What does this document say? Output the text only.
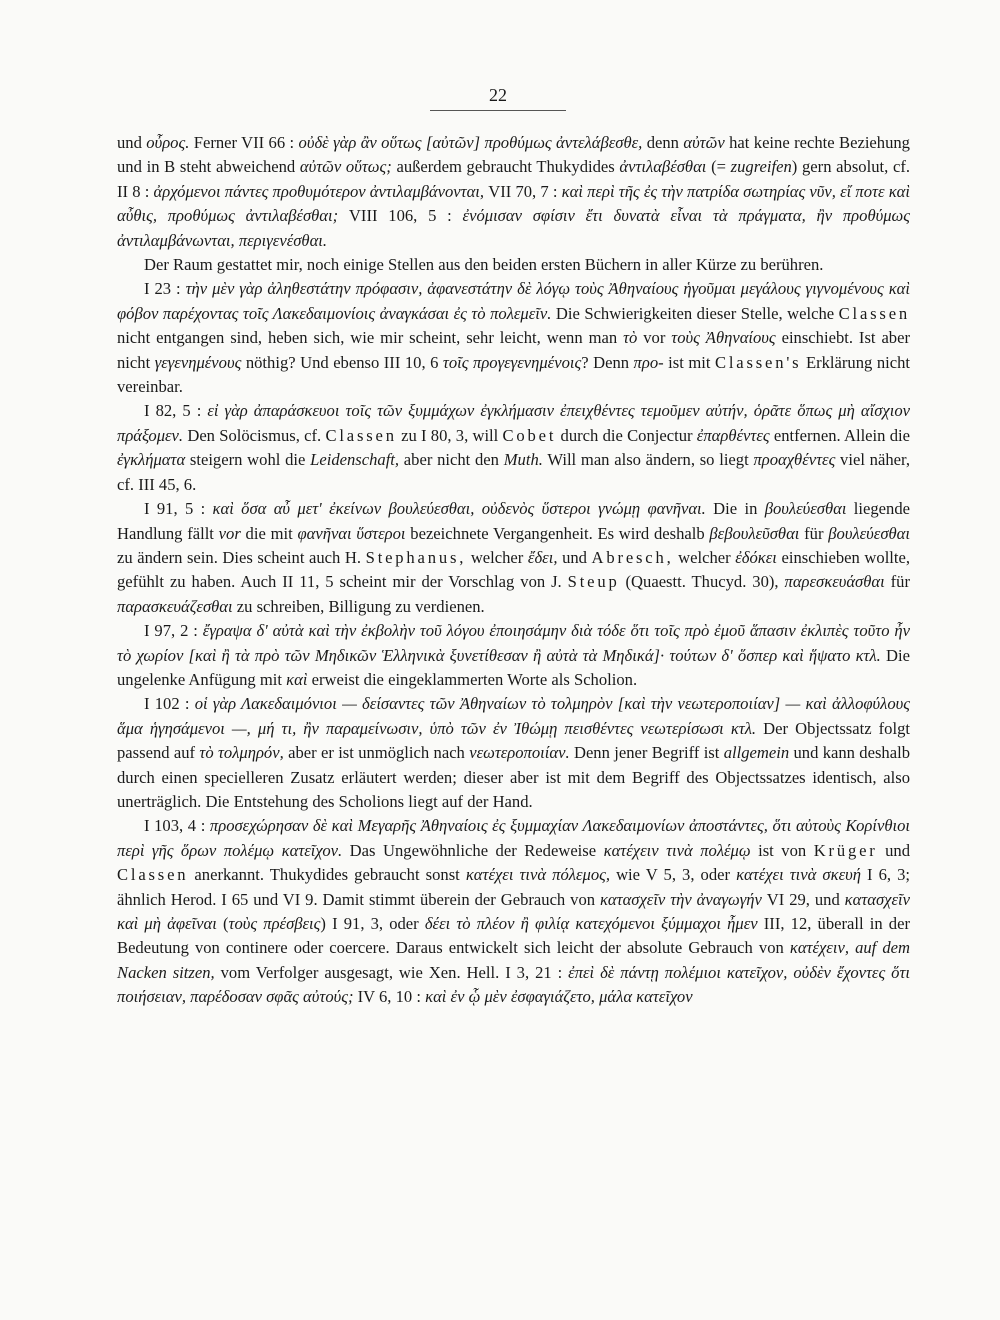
22

und οὖρος. Ferner VII 66 : οὐδὲ γὰρ ἂν οὕτως [αὐτῶν] προθύμως ἀντελάβεσθε, denn αὐτῶν hat keine rechte Beziehung und in B steht abweichend αὐτῶν οὕτως; außerdem gebraucht Thukydides ἀντιλαβέσθαι (= zugreifen) gern absolut, cf. II 8 : ἀρχόμενοι πάντες προθυμότερον ἀντιλαμβάνονται, VII 70, 7 : καὶ περὶ τῆς ἐς τὴν πατρίδα σωτηρίας νῦν, εἴ ποτε καὶ αὖθις, προθύμως ἀντιλαβέσθαι; VIII 106, 5 : ἐνόμισαν σφίσιν ἔτι δυνατὰ εἶναι τὰ πράγματα, ἢν προθύμως ἀντιλαμβάνωνται, περιγενέσθαι.

Der Raum gestattet mir, noch einige Stellen aus den beiden ersten Büchern in aller Kürze zu berühren.

I 23 : τὴν μὲν γὰρ ἀληθεστάτην πρόφασιν, ἀφανεστάτην δὲ λόγῳ τοὺς Ἀθηναίους ἡγοῦμαι μεγάλους γιγνομένους καὶ φόβον παρέχοντας τοῖς Λακεδαιμονίοις ἀναγκάσαι ἐς τὸ πολεμεῖν. Die Schwierigkeiten dieser Stelle, welche Classen nicht entgangen sind, heben sich, wie mir scheint, sehr leicht, wenn man τὸ vor τοὺς Ἀθηναίους einschiebt. Ist aber nicht γεγενημένους nöthig? Und ebenso III 10, 6 τοῖς προγεγενημένοις? Denn προ- ist mit Classen's Erklärung nicht vereinbar.

I 82, 5 : εἰ γὰρ ἀπαράσκευοι τοῖς τῶν ξυμμάχων ἐγκλήμασιν ἐπειχθέντες τεμοῦμεν αὐτήν, ὁρᾶτε ὅπως μὴ αἴσχιον πράξομεν. Den Solöcismus, cf. Classen zu I 80, 3, will Cobet durch die Conjectur ἐπαρθέντες entfernen. Allein die ἐγκλήματα steigern wohl die Leidenschaft, aber nicht den Muth. Will man also ändern, so liegt προαχθέντες viel näher, cf. III 45, 6.

I 91, 5 : καὶ ὅσα αὖ μετ' ἐκείνων βουλεύεσθαι, οὐδενὸς ὕστεροι γνώμῃ φανῆναι. Die in βουλεύεσθαι liegende Handlung fällt vor die mit φανῆναι ὕστεροι bezeichnete Vergangenheit. Es wird deshalb βεβουλεῦσθαι für βουλεύεσθαι zu ändern sein. Dies scheint auch H. Stephanus, welcher ἔδει, und Abresch, welcher ἐδόκει einschieben wollte, gefühlt zu haben. Auch II 11, 5 scheint mir der Vorschlag von J. Steup (Quaestt. Thucyd. 30), παρεσκευάσθαι für παρασκευάζεσθαι zu schreiben, Billigung zu verdienen.

I 97, 2 : ἔγραψα δ' αὐτὰ καὶ τὴν ἐκβολὴν τοῦ λόγου ἐποιησάμην διὰ τόδε ὅτι τοῖς πρὸ ἐμοῦ ἅπασιν ἐκλιπὲς τοῦτο ἦν τὸ χωρίον [καὶ ἢ τὰ πρὸ τῶν Μηδικῶν Ἑλληνικὰ ξυνετίθεσαν ἢ αὐτὰ τὰ Μηδικά]· τούτων δ' ὅσπερ καὶ ἥψατο κτλ. Die ungelenke Anfügung mit καὶ erweist die eingeklammerten Worte als Scholion.

I 102 : οἱ γὰρ Λακεδαιμόνιοι — δείσαντες τῶν Ἀθηναίων τὸ τολμηρὸν [καὶ τὴν νεωτεροποιίαν] — καὶ ἀλλοφύλους ἅμα ἡγησάμενοι —, μή τι, ἢν παραμείνωσιν, ὑπὸ τῶν ἐν Ἰθώμῃ πεισθέντες νεωτερίσωσι κτλ. Der Objectssatz folgt passend auf τὸ τολμηρόν, aber er ist unmöglich nach νεωτεροποιίαν. Denn jener Begriff ist allgemein und kann deshalb durch einen specielleren Zusatz erläutert werden; dieser aber ist mit dem Begriff des Objectssatzes identisch, also unerträglich. Die Entstehung des Scholions liegt auf der Hand.

I 103, 4 : προσεχώρησαν δὲ καὶ Μεγαρῆς Ἀθηναίοις ἐς ξυμμαχίαν Λακεδαιμονίων ἀποστάντες, ὅτι αὐτοὺς Κορίνθιοι περὶ γῆς ὅρων πολέμῳ κατεῖχον. Das Ungewöhnliche der Redeweise κατέχειν τινὰ πολέμῳ ist von Krüger und Classen anerkannt. Thukydides gebraucht sonst κατέχει τινὰ πόλεμος, wie V 5, 3, oder κατέχει τινὰ σκευή I 6, 3; ähnlich Herod. I 65 und VI 9. Damit stimmt überein der Gebrauch von κατασχεῖν τὴν ἀναγωγήν VI 29, und κατασχεῖν καὶ μὴ ἀφεῖναι (τοὺς πρέσβεις) I 91, 3, oder δέει τὸ πλέον ἢ φιλίᾳ κατεχόμενοι ξύμμαχοι ἦμεν III, 12, überall in der Bedeutung von continere oder coercere. Daraus entwickelt sich leicht der absolute Gebrauch von κατέχειν, auf dem Nacken sitzen, vom Verfolger ausgesagt, wie Xen. Hell. I 3, 21 : ἐπεὶ δὲ πάντῃ πολέμιοι κατεῖχον, οὐδὲν ἔχοντες ὅτι ποιήσειαν, παρέδοσαν σφᾶς αὐτούς; IV 6, 10 : καὶ ἐν ᾧ μὲν ἐσφαγιάζετο, μάλα κατεῖχον
